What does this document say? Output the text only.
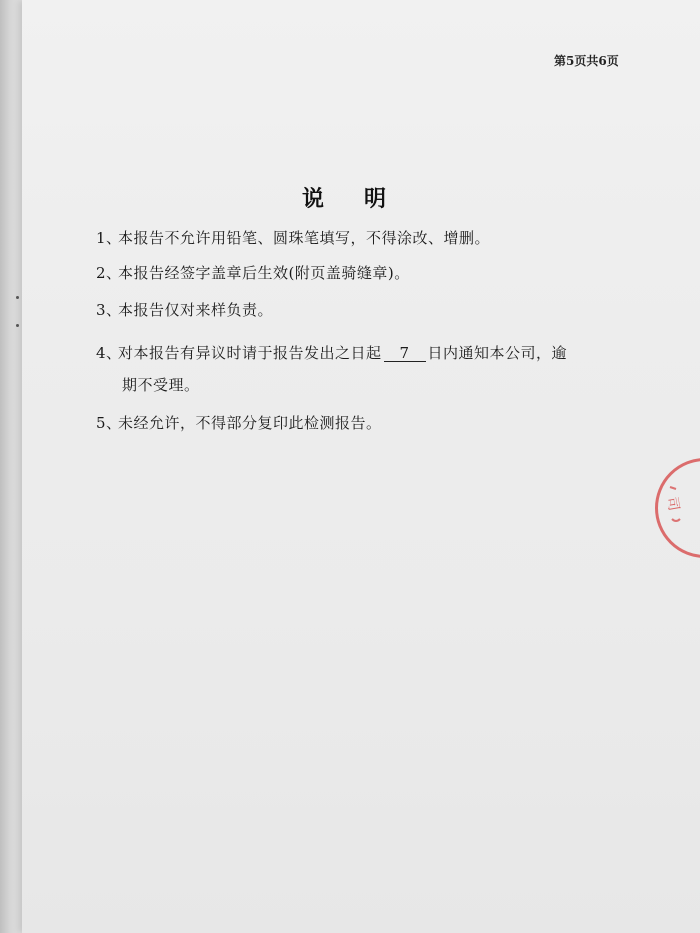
第5页共6页
说明
1、本报告不允许用铅笔、圆珠笔填写，不得涂改、增删。
2、本报告经签字盖章后生效(附页盖骑缝章)。
3、本报告仅对来样负责。
4、对本报告有异议时请于报告发出之日起 7 日内通知本公司，逾
期不受理。
5、未经允许，不得部分复印此检测报告。
司
